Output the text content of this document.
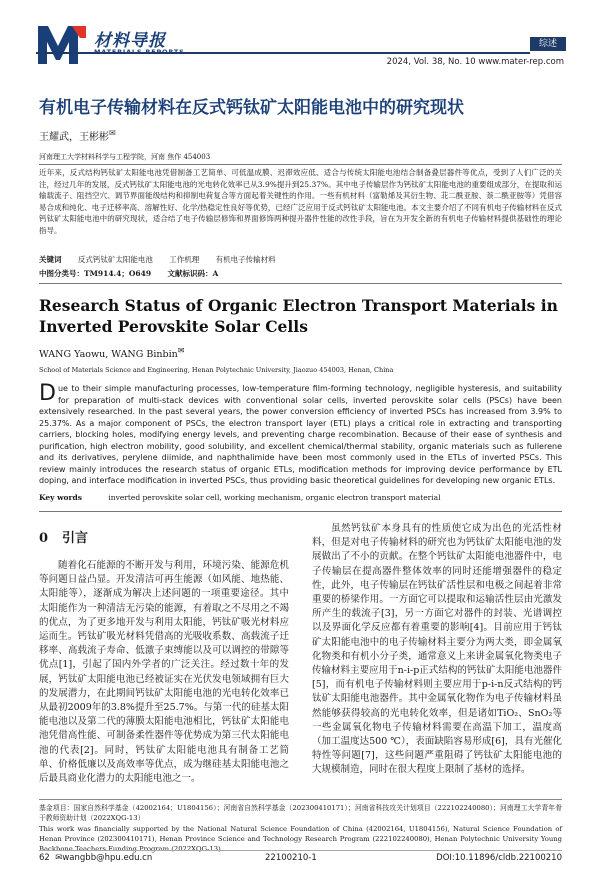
材料导报	综述
2024, Vol. 38, No. 10 www.mater-rep.com
有机电子传输材料在反式钙钛矿太阳能电池中的研究现状
王耀武，王彬彬✉
河南理工大学材料科学与工程学院，河南 焦作 454003
近年来，反式结构钙钛矿太阳能电池凭借制备工艺简单、可低温成膜、迟滞效应低、适合与传统太阳能电池结合制备叠层器件等优点，受到了人们广泛的关注，经过几年的发展，反式钙钛矿太阳能电池的光电转化效率已从3.9%提升到25.37%。其中电子传输层作为钙钛矿太阳能电池的重要组成部分，在提取和运输载流子、阻挡空穴、调节界面能级结构和抑制电荷复合等方面起着关键性的作用。一些有机材料（富勒烯及其衍生物、苝二酰亚胺、萘二酰亚胺等）凭借容易合成和纯化、电子迁移率高、溶解性好、化学/热稳定性良好等优势，已经广泛应用于反式钙钛矿太阳能电池。本文主要介绍了不同有机电子传输材料在反式钙钛矿太阳能电池中的研究现状，适合结了电子传输层修饰和界面修饰两种提升器件性能的改性手段，旨在为开发全新的有机电子传输材料提供基础性的理论指导。
关键词 反式钙钛矿太阳能电池 工作机理 有机电子传输材料
中图分类号：TM914.4；O649 文献标识码：A
Research Status of Organic Electron Transport Materials in Inverted Perovskite Solar Cells
WANG Yaowu, WANG Binbin✉
School of Materials Science and Engineering, Henan Polytechnic University, Jiaozuo 454003, Henan, China
Due to their simple manufacturing processes, low-temperature film-forming technology, negligible hysteresis, and suitability for preparation of multi-stack devices with conventional solar cells, inverted perovskite solar cells (PSCs) have been extensively researched. In the past several years, the power conversion efficiency of inverted PSCs has increased from 3.9% to 25.37%. As a major component of PSCs, the electron transport layer (ETL) plays a critical role in extracting and transporting carriers, blocking holes, modifying energy levels, and preventing charge recombination. Because of their ease of synthesis and purification, high electron mobility, good solubility, and excellent chemical/thermal stability, organic materials such as fullerene and its derivatives, perylene diimide, and naphthalimide have been most commonly used in the ETLs of inverted PSCs. This review mainly introduces the research status of organic ETLs, modification methods for improving device performance by ETL doping, and interface modification in inverted PSCs, thus providing basic theoretical guidelines for developing new organic ETLs.
Key words	inverted perovskite solar cell, working mechanism, organic electron transport material
0 引言
随着化石能源的不断开发与利用，环境污染、能源危机等问题日益凸显。开发清洁可再生能源（如风能、地热能、太阳能等），逐渐成为解决上述问题的一项重要途径。其中太阳能作为一种清洁无污染的能源，有着取之不尽用之不竭的优点，为了更多地开发与利用太阳能，钙钛矿吸光材料应运而生。钙钛矿吸光材料凭借高的光吸收系数、高载流子迁移率、高载流子寿命、低激子束缚能以及可以调控的带隙等优点[1]，引起了国内外学者的广泛关注。经过数十年的发展，钙钛矿太阳能电池已经被证实在光伏发电领域拥有巨大的发展潜力，在此期间钙钛矿太阳能电池的光电转化效率已从最初2009年的3.8%提升至25.7%。与第一代的硅基太阳能电池以及第二代的薄膜太阳能电池相比，钙钛矿太阳能电池凭借高性能、可制备柔性器件等优势成为第三代太阳能电池的代表[2]。同时，钙钛矿太阳能电池具有制备工艺简单、价格低廉以及高效率等优点，成为继硅基太阳能电池之后最具商业化潜力的太阳能电池之一。
虽然钙钛矿本身具有的性质使它成为出色的光活性材料，但是对电子传输材料的研究也为钙钛矿太阳能电池的发展做出了不小的贡献。在整个钙钛矿太阳能电池器件中，电子传输层在提高器件整体效率的同时还能增强器件的稳定性，此外，电子传输层在钙钛矿活性层和电极之间起着非常重要的桥梁作用。一方面它可以提取和运输活性层由光激发所产生的载流子[3]，另一方面它对器件的封装、光谱调控以及界面化学反应都有着重要的影响[4]。目前应用于钙钛矿太阳能电池中的电子传输材料主要分为两大类，即金属氧化物类和有机小分子类，通常意义上来讲金属氧化物类电子传输材料主要应用于n-i-p正式结构的钙钛矿太阳能电池器件[5]，而有机电子传输材料则主要应用于p-i-n反式结构的钙钛矿太阳能电池器件。其中金属氧化物作为电子传输材料虽然能够获得较高的光电转化效率，但是诸如TiO₂、SnO₂等一些金属氧化物电子传输材料需要在高温下加工，温度高（加工温度达500 ℃），表面缺陷容易形成[6]，具有光催化特性等问题[7]，这些问题严重阻碍了钙钛矿太阳能电池的大规模制造，同时在很大程度上限制了基材的选择。
基金项目：国家自然科学基金（42002164；U1804156）；河南省自然科学基金（202300410171）；河南省科技攻关计划项目（222102240080）；河南理工大学青年骨干教师资助计划（2022XQG-13）
This work was financially supported by the National Natural Science Foundation of China (42002164, U1804156), Natural Science Foundation of Henan Province (202300410171), Henan Province Science and Technology Research Program (222102240080), Henan Polytechnic University Young Backbone Teachers Funding Program (2022XQG-13).
62 ✉wangbb@hpu.edu.cn	22100210-1	DOI:10.11896/cldb.22100210
